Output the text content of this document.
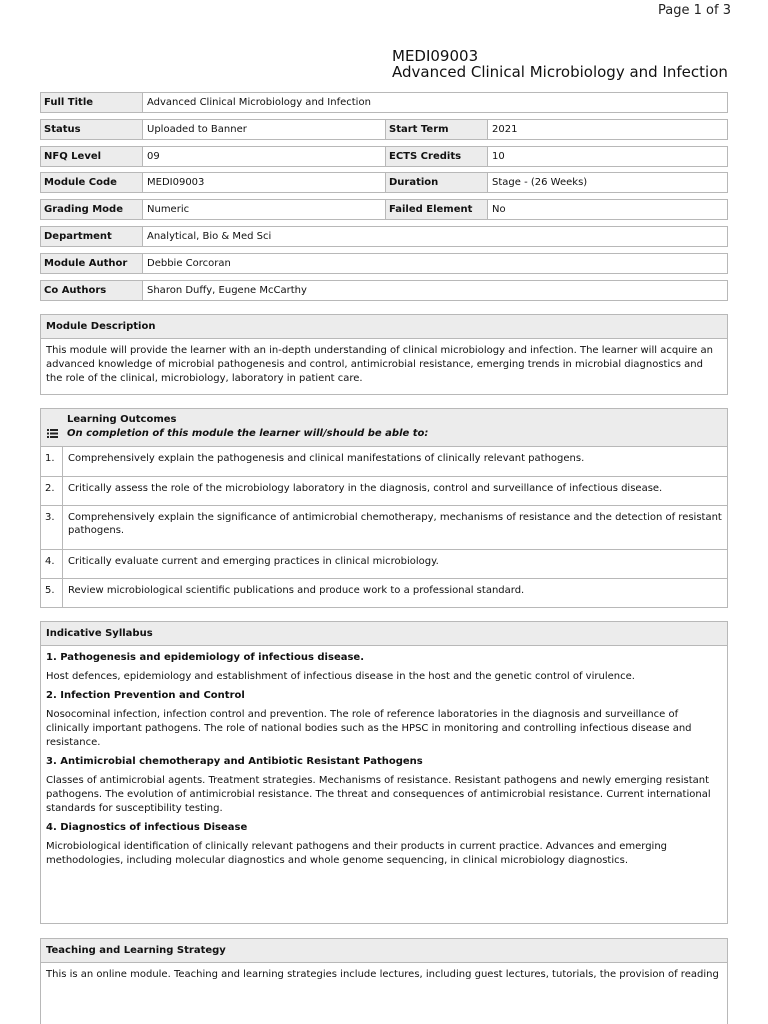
Page 1 of 3
MEDI09003
Advanced Clinical Microbiology and Infection
Full Title	Advanced Clinical Microbiology and Infection
Status	Uploaded to Banner	Start Term	2021
NFQ Level	09	ECTS Credits	10
Module Code	MEDI09003	Duration	Stage - (26 Weeks)
Grading Mode	Numeric	Failed Element	No
Department	Analytical, Bio & Med Sci
Module Author	Debbie Corcoran
Co Authors	Sharon Duffy, Eugene McCarthy
Module Description
This module will provide the learner with an in-depth understanding of clinical microbiology and infection. The learner will acquire an advanced knowledge of microbial pathogenesis and control, antimicrobial resistance, emerging trends in microbial diagnostics and the role of the clinical, microbiology, laboratory in patient care.
Learning Outcomes
On completion of this module the learner will/should be able to:
1.	Comprehensively explain the pathogenesis and clinical manifestations of clinically relevant pathogens.
2.	Critically assess the role of the microbiology laboratory in the diagnosis, control and surveillance of infectious disease.
3.	Comprehensively explain the significance of antimicrobial chemotherapy, mechanisms of resistance and the detection of resistant pathogens.
4.	Critically evaluate current and emerging practices in clinical microbiology.
5.	Review microbiological scientific publications and produce work to a professional standard.
Indicative Syllabus
1. Pathogenesis and epidemiology of infectious disease.
Host defences, epidemiology and establishment of infectious disease in the host and the genetic control of virulence.
2. Infection Prevention and Control
Nosocominal infection, infection control and prevention. The role of reference laboratories in the diagnosis and surveillance of clinically important pathogens. The role of national bodies such as the HPSC in monitoring and controlling infectious disease and resistance.
3. Antimicrobial chemotherapy and Antibiotic Resistant Pathogens
Classes of antimicrobial agents. Treatment strategies. Mechanisms of resistance. Resistant pathogens and newly emerging resistant pathogens. The evolution of antimicrobial resistance. The threat and consequences of antimicrobial resistance. Current international standards for susceptibility testing.
4. Diagnostics of infectious Disease
Microbiological identification of clinically relevant pathogens and their products in current practice. Advances and emerging methodologies, including molecular diagnostics and whole genome sequencing, in clinical microbiology diagnostics.
Teaching and Learning Strategy
This is an online module. Teaching and learning strategies include lectures, including guest lectures, tutorials, the provision of reading
